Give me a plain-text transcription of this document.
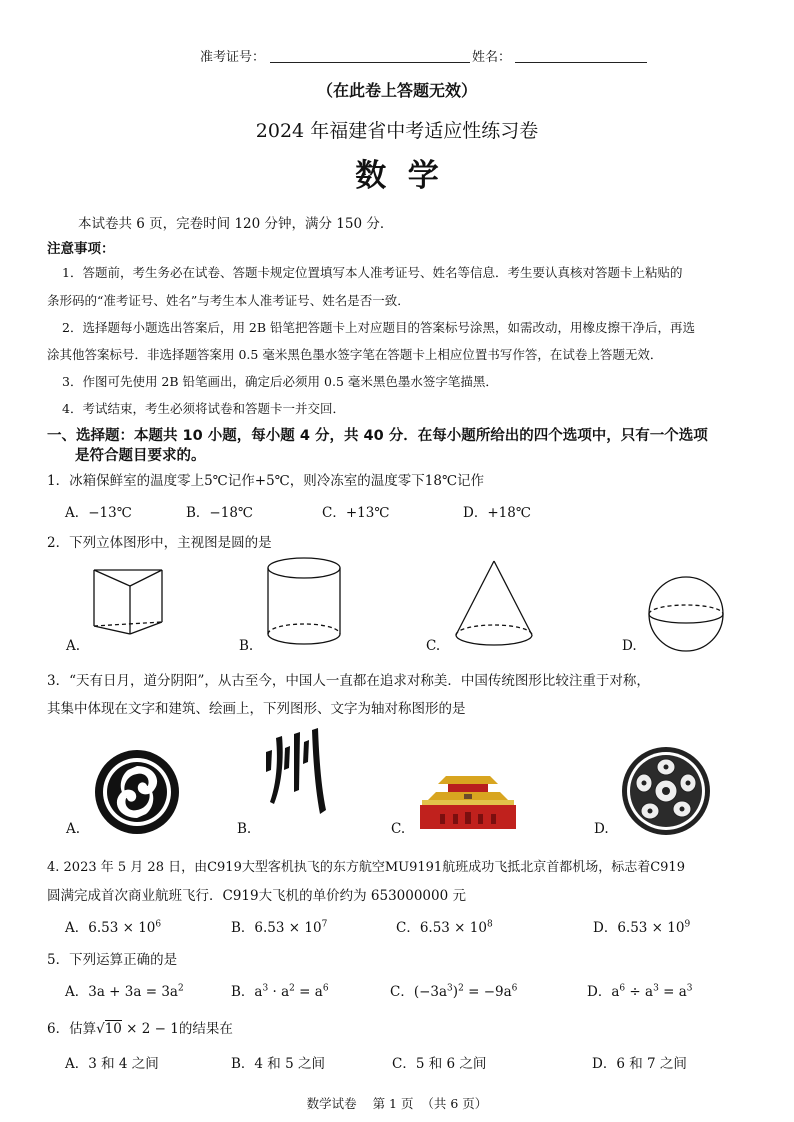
准考证号：	姓名：
（在此卷上答题无效）
2024 年福建省中考适应性练习卷
数  学
本试卷共 6 页，完卷时间 120 分钟，满分 150 分．
注意事项：
1．答题前，考生务必在试卷、答题卡规定位置填写本人准考证号、姓名等信息．考生要认真核对答题卡上粘贴的
条形码的“准考证号、姓名”与考生本人准考证号、姓名是否一致．
2．选择题每小题选出答案后，用 2B 铅笔把答题卡上对应题目的答案标号涂黑，如需改动，用橡皮擦干净后，再选
涂其他答案标号．非选择题答案用 0.5 毫米黑色墨水签字笔在答题卡上相应位置书写作答，在试卷上答题无效．
3．作图可先使用 2B 铅笔画出，确定后必须用 0.5 毫米黑色墨水签字笔描黑．
4．考试结束，考生必须将试卷和答题卡一并交回．
一、选择题：本题共 10 小题，每小题 4 分，共 40 分．在每小题所给出的四个选项中，只有一个选项
是符合题目要求的。
1．冰箱保鲜室的温度零上5℃记作+5℃，则冷冻室的温度零下18℃记作
A．−13℃	B．−18℃	C．+13℃	D．+18℃
2．下列立体图形中，主视图是圆的是
A.	B.	C.	D.
3．“天有日月，道分阴阳”，从古至今，中国人一直都在追求对称美．中国传统图形比较注重于对称，
其集中体现在文字和建筑、绘画上，下列图形、文字为轴对称图形的是
A.	B.	C.	D.
4. 2023 年 5 月 28 日，由C919大型客机执飞的东方航空MU9191航班成功飞抵北京首都机场，标志着C919
圆满完成首次商业航班飞行．C919大飞机的单价约为 653000000 元
A．$6.53 \times 10^6$	B．$6.53 \times 10^7$	C．$6.53 \times 10^8$	D．$6.53 \times 10^9$
5．下列运算正确的是
A．$3a + 3a = 3a^2$	B．$a^3 \cdot a^2 = a^6$	C．$(-3a^3)^2 = -9a^6$	D．$a^6 \div a^3 = a^3$
6．估算√10 × 2 − 1的结果在
A．3 和 4 之间	B．4 和 5 之间	C．5 和 6 之间	D．6 和 7 之间
数学试卷    第 1 页  （共 6 页）
